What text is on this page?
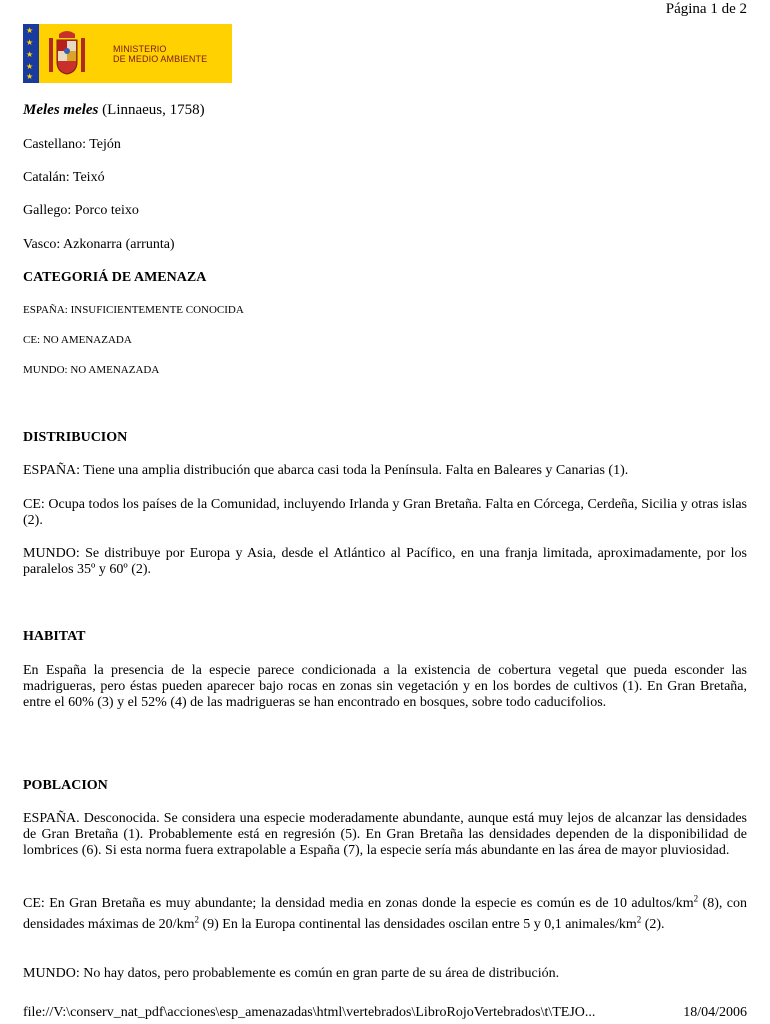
Página 1 de 2
★
★
★
★
★
MINISTERIO
DE MEDIO AMBIENTE
Meles meles (Linnaeus, 1758)
Castellano: Tejón
Catalán: Teixó
Gallego: Porco teixo
Vasco: Azkonarra (arrunta)
CATEGORIÁ DE AMENAZA
ESPAÑA: INSUFICIENTEMENTE CONOCIDA
CE: NO AMENAZADA
MUNDO: NO AMENAZADA
DISTRIBUCION
ESPAÑA: Tiene una amplia distribución que abarca casi toda la Península. Falta en Baleares y Canarias (1).
CE: Ocupa todos los países de la Comunidad, incluyendo Irlanda y Gran Bretaña. Falta en Córcega, Cerdeña, Sicilia y otras islas (2).
MUNDO: Se distribuye por Europa y Asia, desde el Atlántico al Pacífico, en una franja limitada, aproximadamente, por los paralelos 35º y 60º (2).
HABITAT
En España la presencia de la especie parece condicionada a la existencia de cobertura vegetal que pueda esconder las madrigueras, pero éstas pueden aparecer bajo rocas en zonas sin vegetación y en los bordes de cultivos (1). En Gran Bretaña, entre el 60% (3) y el 52% (4) de las madrigueras se han encontrado en bosques, sobre todo caducifolios.
POBLACION
ESPAÑA. Desconocida. Se considera una especie moderadamente abundante, aunque está muy lejos de alcanzar las densidades de Gran Bretaña (1). Probablemente está en regresión (5). En Gran Bretaña las densidades dependen de la disponibilidad de lombrices (6). Si esta norma fuera extrapolable a España (7), la especie sería más abundante en las área de mayor pluviosidad.
CE: En Gran Bretaña es muy abundante; la densidad media en zonas donde la especie es común es de 10 adultos/$km^2$ (8), con densidades máximas de $20/km^2$ (9) En la Europa continental las densidades oscilan entre 5 y 0,1 animales/$km^2$ (2).
MUNDO: No hay datos, pero probablemente es común en gran parte de su área de distribución.
file://V:\conserv_nat_pdf\acciones\esp_amenazadas\html\vertebrados\LibroRojoVertebrados\t\TEJO...	18/04/2006
